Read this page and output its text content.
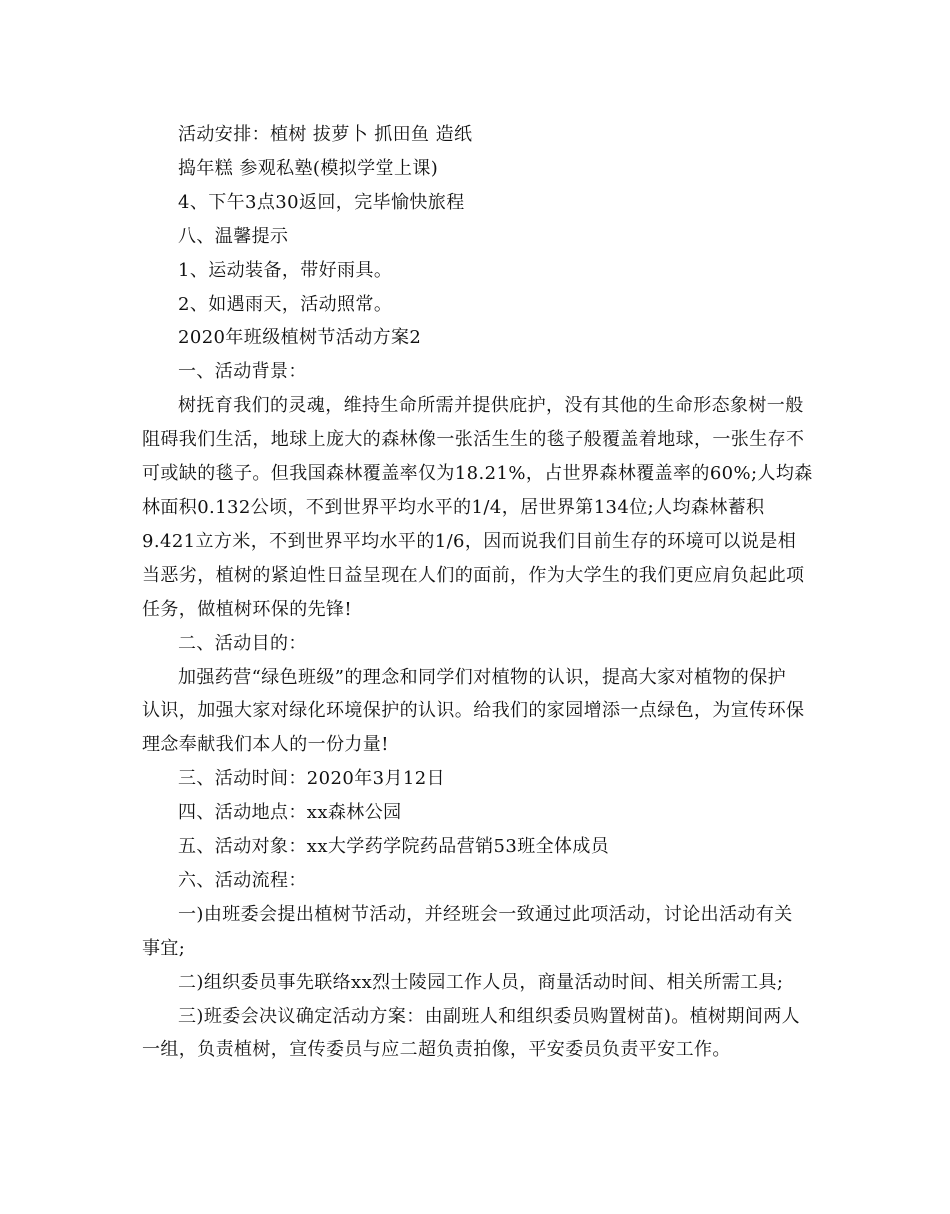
活动安排：植树 拔萝卜 抓田鱼 造纸
捣年糕 参观私塾(模拟学堂上课)
4、下午3点30返回，完毕愉快旅程
八、温馨提示
1、运动装备，带好雨具。
2、如遇雨天，活动照常。
2020年班级植树节活动方案2
一、活动背景：
树抚育我们的灵魂，维持生命所需并提供庇护，没有其他的生命形态象树一般
阻碍我们生活，地球上庞大的森林像一张活生生的毯子般覆盖着地球，一张生存不
可或缺的毯子。但我国森林覆盖率仅为18.21%，占世界森林覆盖率的60%;人均森
林面积0.132公顷，不到世界平均水平的1/4，居世界第134位;人均森林蓄积
9.421立方米，不到世界平均水平的1/6，因而说我们目前生存的环境可以说是相
当恶劣，植树的紧迫性日益呈现在人们的面前，作为大学生的我们更应肩负起此项
任务，做植树环保的先锋!
二、活动目的：
加强药营“绿色班级”的理念和同学们对植物的认识，提高大家对植物的保护
认识，加强大家对绿化环境保护的认识。给我们的家园增添一点绿色，为宣传环保
理念奉献我们本人的一份力量!
三、活动时间：2020年3月12日
四、活动地点：xx森林公园
五、活动对象：xx大学药学院药品营销53班全体成员
六、活动流程：
一)由班委会提出植树节活动，并经班会一致通过此项活动，讨论出活动有关
事宜;
二)组织委员事先联络xx烈士陵园工作人员，商量活动时间、相关所需工具;
三)班委会决议确定活动方案：由副班人和组织委员购置树苗)。植树期间两人
一组，负责植树，宣传委员与应二超负责拍像，平安委员负责平安工作。
